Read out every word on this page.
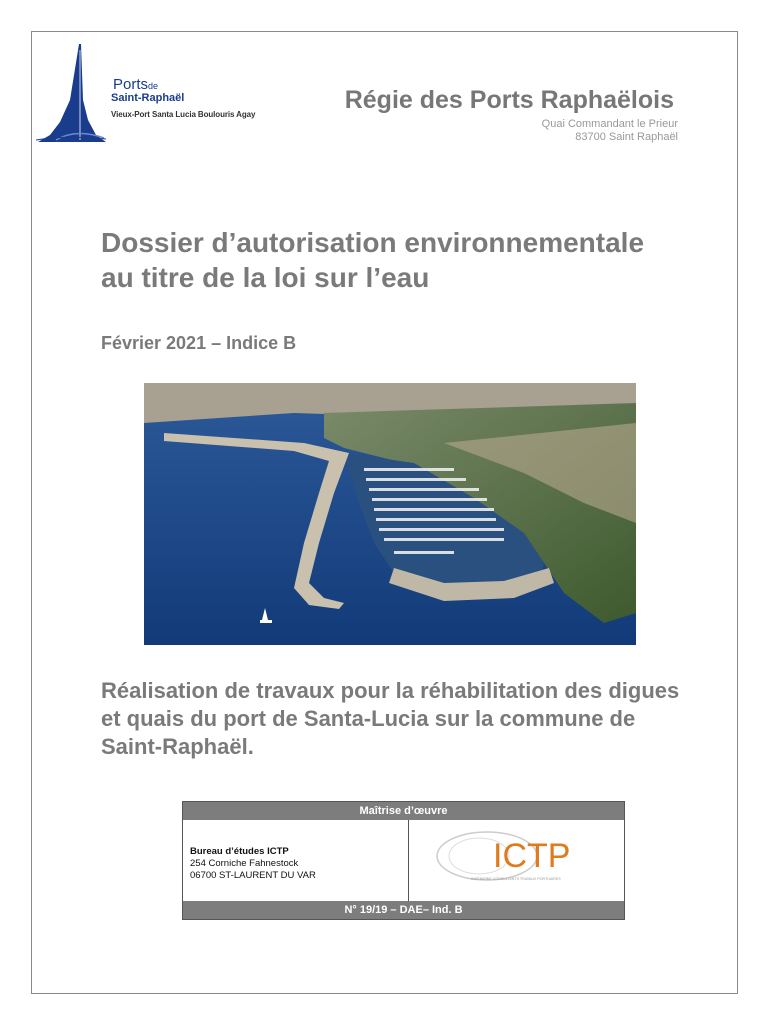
Portsde
Saint-Raphaël
Vieux-Port Santa Lucia Boulouris Agay
Régie des Ports Raphaëlois
Quai Commandant le Prieur
83700 Saint Raphaël
Dossier d’autorisation environnementale au titre de la loi sur l’eau
Février 2021 – Indice B
Réalisation de travaux pour la réhabilitation des digues et quais du port de Santa-Lucia sur la commune de Saint-Raphaël.
Maîtrise d’œuvre
Bureau d’études ICTP
254 Corniche Fahnestock
06700 ST-LAURENT DU VAR
ICTP
INGÉNIERIE CONSULTANTS TRAVAUX PORTUAIRES
N° 19/19 – DAE– Ind. B
